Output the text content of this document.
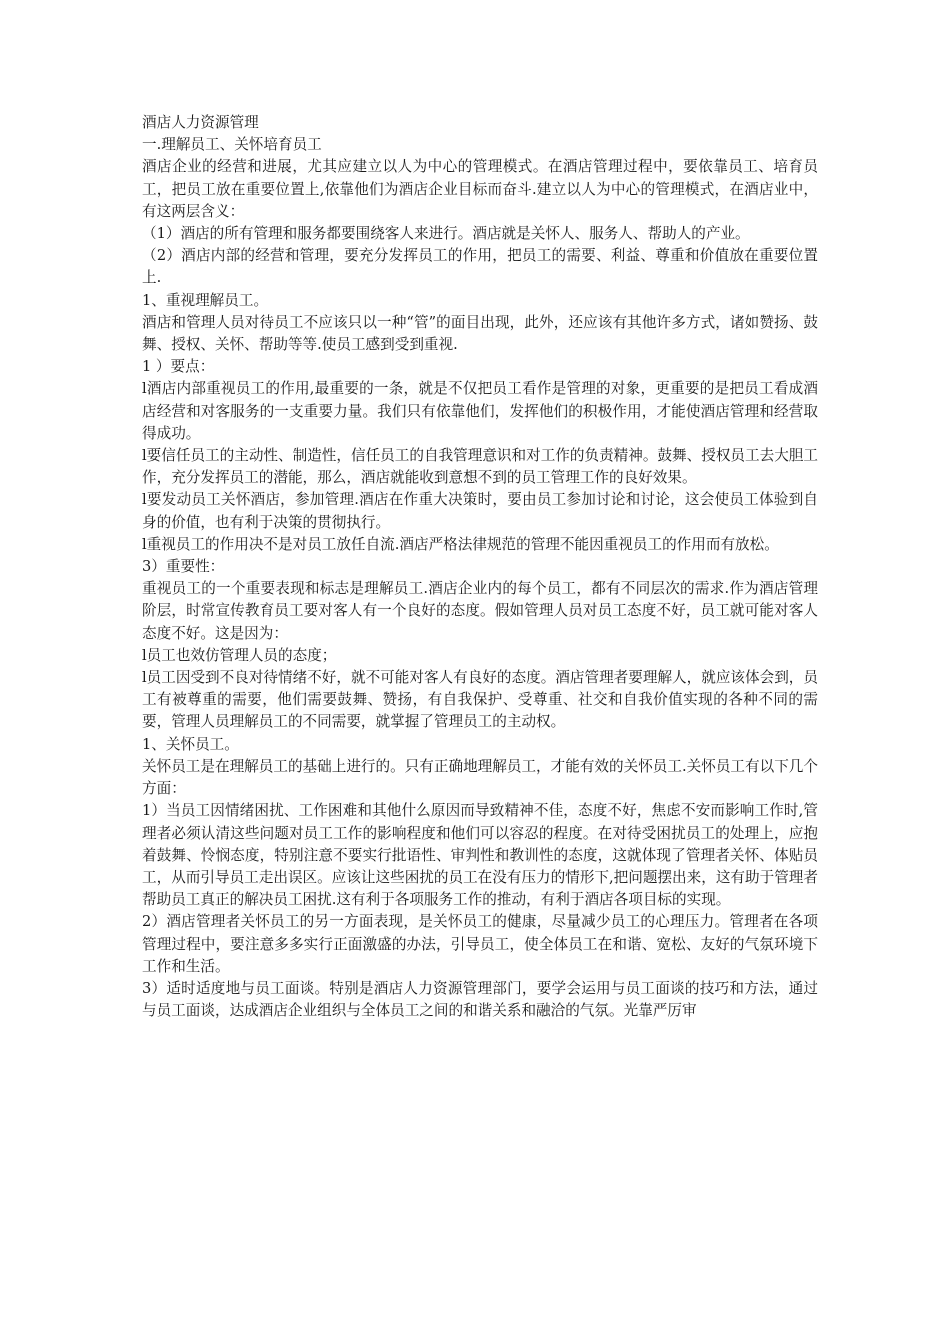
酒店人力资源管理

一.理解员工、关怀培育员工

酒店企业的经营和进展，尤其应建立以人为中心的管理模式。在酒店管理过程中，要依靠员工、培育员工，把员工放在重要位置上,依靠他们为酒店企业目标而奋斗.建立以人为中心的管理模式，在酒店业中，有这两层含义：

（1）酒店的所有管理和服务都要围绕客人来进行。酒店就是关怀人、服务人、帮助人的产业。

（2）酒店内部的经营和管理，要充分发挥员工的作用，把员工的需要、利益、尊重和价值放在重要位置上.

1、重视理解员工。

酒店和管理人员对待员工不应该只以一种“管”的面目出现，此外，还应该有其他许多方式，诸如赞扬、鼓舞、授权、关怀、帮助等等.使员工感到受到重视.

1 ）要点：

l酒店内部重视员工的作用,最重要的一条，就是不仅把员工看作是管理的对象，更重要的是把员工看成酒店经营和对客服务的一支重要力量。我们只有依靠他们，发挥他们的积极作用，才能使酒店管理和经营取得成功。

l要信任员工的主动性、制造性，信任员工的自我管理意识和对工作的负责精神。鼓舞、授权员工去大胆工作，充分发挥员工的潜能，那么，酒店就能收到意想不到的员工管理工作的良好效果。

l要发动员工关怀酒店，参加管理.酒店在作重大决策时，要由员工参加讨论和讨论，这会使员工体验到自身的价值，也有利于决策的贯彻执行。

l重视员工的作用决不是对员工放任自流.酒店严格法律规范的管理不能因重视员工的作用而有放松。

3）重要性：

重视员工的一个重要表现和标志是理解员工.酒店企业内的每个员工，都有不同层次的需求.作为酒店管理阶层，时常宣传教育员工要对客人有一个良好的态度。假如管理人员对员工态度不好，员工就可能对客人态度不好。这是因为：

l员工也效仿管理人员的态度；

l员工因受到不良对待情绪不好，就不可能对客人有良好的态度。酒店管理者要理解人，就应该体会到，员工有被尊重的需要，他们需要鼓舞、赞扬，有自我保护、受尊重、社交和自我价值实现的各种不同的需要，管理人员理解员工的不同需要，就掌握了管理员工的主动权。

1、关怀员工。

关怀员工是在理解员工的基础上进行的。只有正确地理解员工，才能有效的关怀员工.关怀员工有以下几个方面：

1）当员工因情绪困扰、工作困难和其他什么原因而导致精神不佳，态度不好，焦虑不安而影响工作时,管理者必须认清这些问题对员工工作的影响程度和他们可以容忍的程度。在对待受困扰员工的处理上，应抱着鼓舞、怜悯态度，特别注意不要实行批语性、审判性和教训性的态度，这就体现了管理者关怀、体贴员工，从而引导员工走出误区。应该让这些困扰的员工在没有压力的情形下,把问题摆出来，这有助于管理者帮助员工真正的解决员工困扰.这有利于各项服务工作的推动，有利于酒店各项目标的实现。

2）酒店管理者关怀员工的另一方面表现，是关怀员工的健康，尽量减少员工的心理压力。管理者在各项管理过程中，要注意多多实行正面激盛的办法，引导员工，使全体员工在和谐、宽松、友好的气氛环境下工作和生活。

3）适时适度地与员工面谈。特别是酒店人力资源管理部门，要学会运用与员工面谈的技巧和方法，通过与员工面谈，达成酒店企业组织与全体员工之间的和谐关系和融洽的气氛。光靠严厉审
